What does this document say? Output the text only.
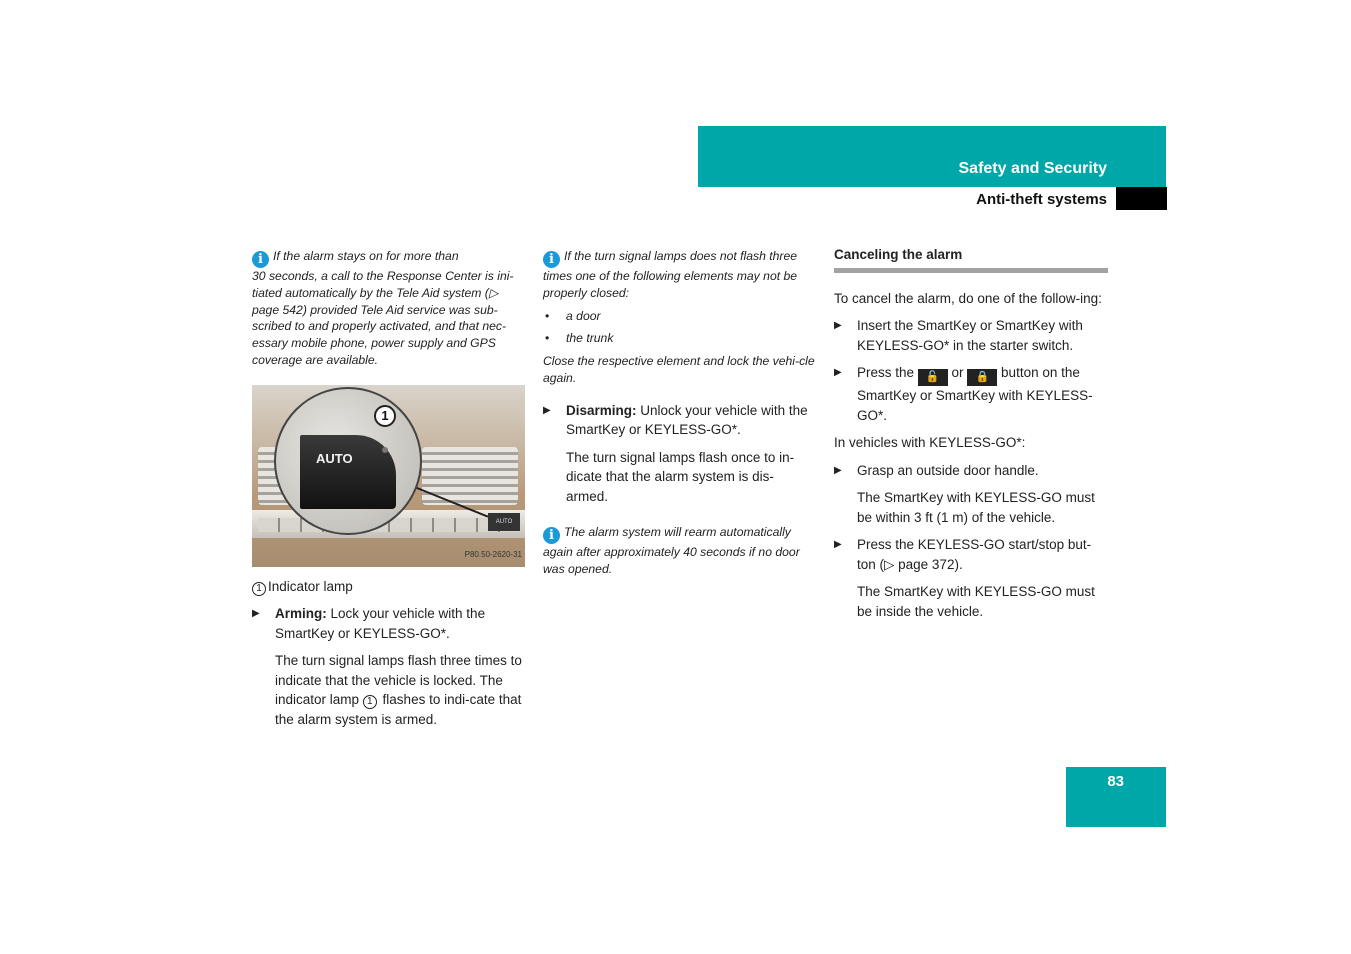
Safety and Security
Anti-theft systems
i If the alarm stays on for more than
30 seconds, a call to the Response Center is ini-tiated automatically by the Tele Aid system (▷ page 542) provided Tele Aid service was sub-scribed to and properly activated, and that nec-essary mobile phone, power supply and GPS coverage are available.
AUTO
AUTO
1
P80.50-2620-31

1 Indicator lamp

▶ Arming: Lock your vehicle with the SmartKey or KEYLESS-GO*.
The turn signal lamps flash three times to indicate that the vehicle is locked. The indicator lamp 1 flashes to indi-cate that the alarm system is armed.
i If the turn signal lamps does not flash three times one of the following elements may not be properly closed:
• a door
• the trunk
Close the respective element and lock the vehi-cle again.
▶ Disarming: Unlock your vehicle with the SmartKey or KEYLESS-GO*.
The turn signal lamps flash once to in-dicate that the alarm system is dis-armed.
i The alarm system will rearm automatically again after approximately 40 seconds if no door was opened.
Canceling the alarm

To cancel the alarm, do one of the follow-ing:

▶ Insert the SmartKey or SmartKey with KEYLESS-GO* in the starter switch.
▶ Press the 🔓 or 🔒 button on the SmartKey or SmartKey with KEYLESS-GO*.

In vehicles with KEYLESS-GO*:

▶ Grasp an outside door handle.
The SmartKey with KEYLESS-GO must be within 3 ft (1 m) of the vehicle.
▶ Press the KEYLESS-GO start/stop but-ton (▷ page 372).
The SmartKey with KEYLESS-GO must be inside the vehicle.
83
